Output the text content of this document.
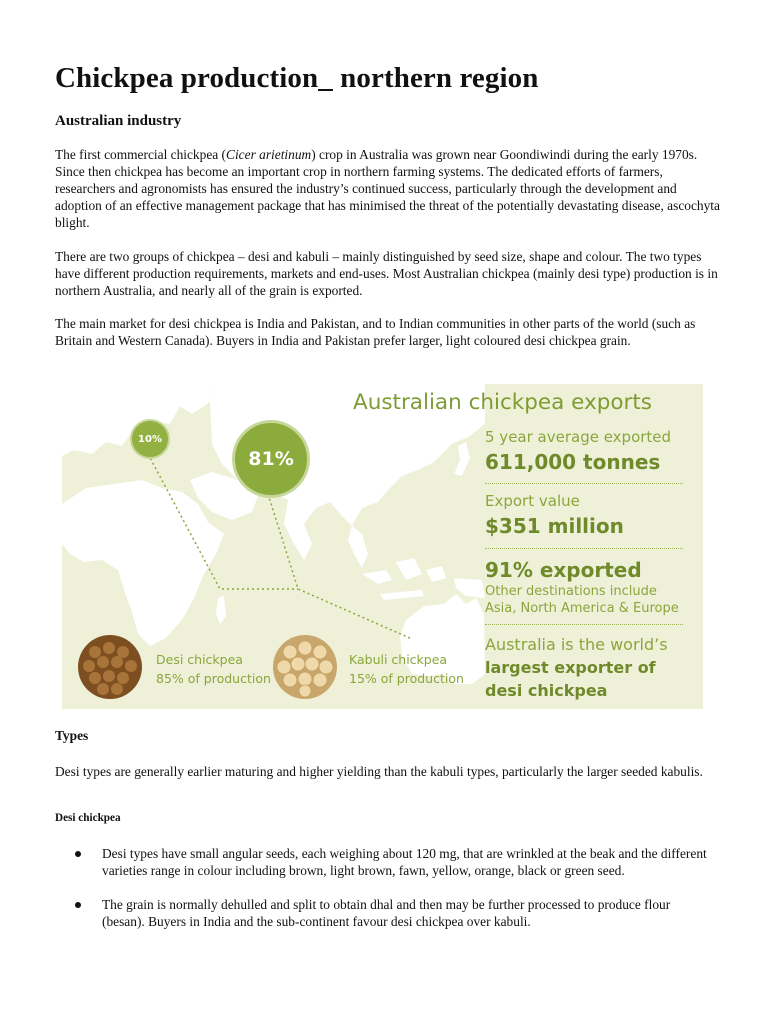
Chickpea production_ northern region
Australian industry

The first commercial chickpea (Cicer arietinum) crop in Australia was grown near Goondiwindi during the early 1970s. Since then chickpea has become an important crop in northern farming systems. The dedicated efforts of farmers, researchers and agronomists has ensured the industry’s continued success, particularly through the development and adoption of an effective management package that has minimised the threat of the potentially devastating disease, ascochyta blight.

There are two groups of chickpea – desi and kabuli – mainly distinguished by seed size, shape and colour. The two types have different production requirements, markets and end-uses. Most Australian chickpea (mainly desi type) production is in northern Australia, and nearly all of the grain is exported.

The main market for desi chickpea is India and Pakistan, and to Indian communities in other parts of the world (such as Britain and Western Canada). Buyers in India and Pakistan prefer larger, light coloured desi chickpea grain.

10%
81%
Desi chickpea
85% of production
Kabuli chickpea
15% of production
Australian chickpea exports
5 year average exported
611,000 tonnes
Export value
$351 million
91% exported
Other destinations include
Asia, North America & Europe
Australia is the world’s
largest exporter of
desi chickpea
Types

Desi types are generally earlier maturing and higher yielding than the kabuli types, particularly the larger seeded kabulis.

Desi chickpea
Desi types have small angular seeds, each weighing about 120 mg, that are wrinkled at the beak and the different varieties range in colour including brown, light brown, fawn, yellow, orange, black or green seed.
The grain is normally dehulled and split to obtain dhal and then may be further processed to produce flour (besan). Buyers in India and the sub-continent favour desi chickpea over kabuli.
